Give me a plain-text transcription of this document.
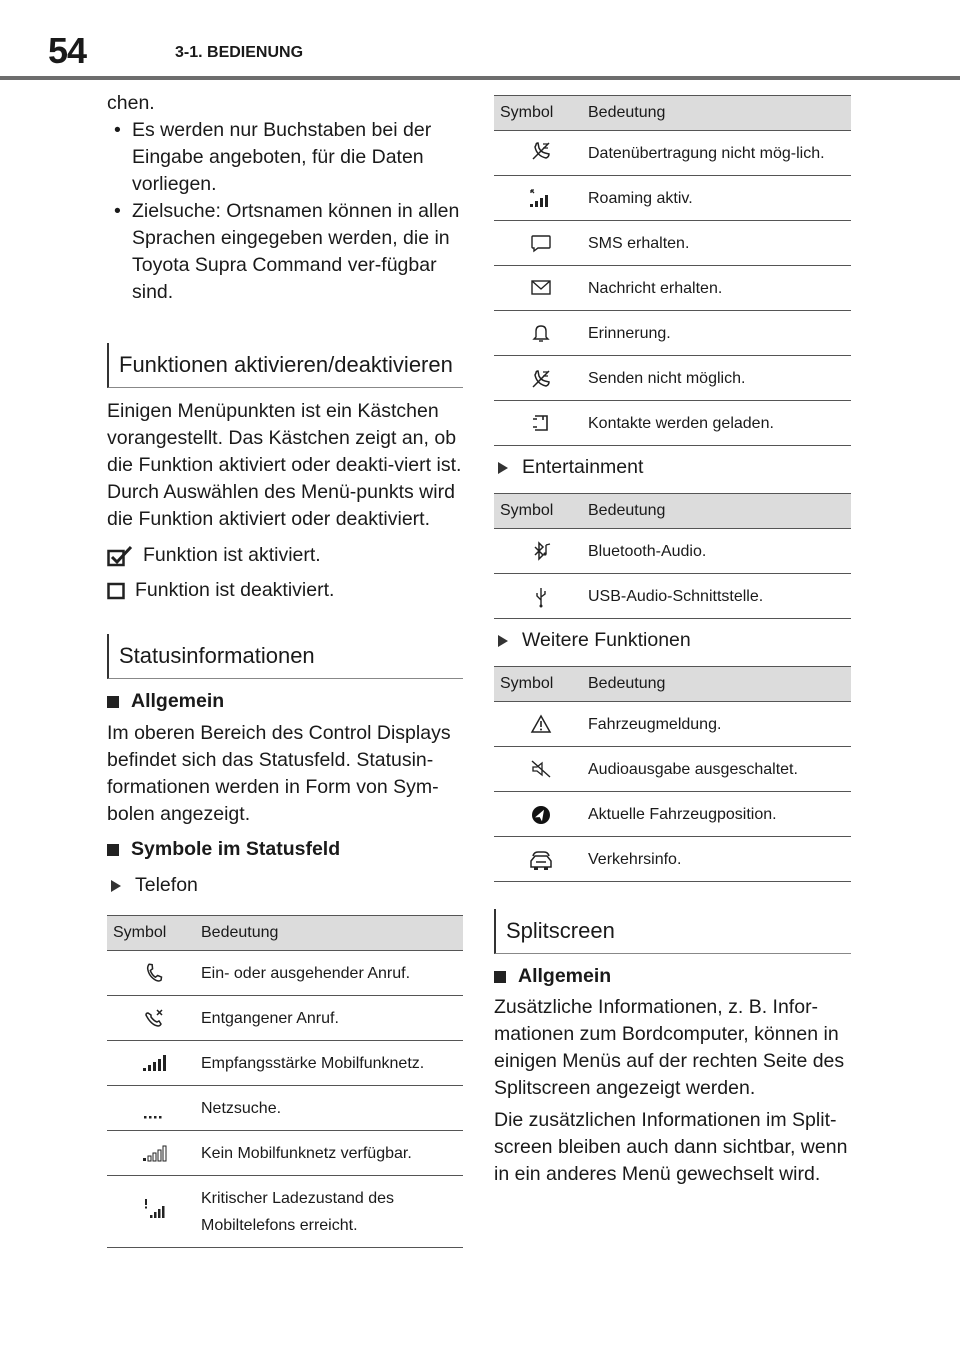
54	3-1. BEDIENUNG

chen.

• Es werden nur Buchstaben bei der Eingabe angeboten, für die Daten vorliegen.
• Zielsuche: Ortsnamen können in allen Sprachen eingegeben werden, die in Toyota Supra Command ver-fügbar sind.
Funktionen aktivieren/deaktivieren

Einigen Menüpunkten ist ein Kästchen vorangestellt. Das Kästchen zeigt an, ob die Funktion aktiviert oder deakti-viert ist. Durch Auswählen des Menü-punkts wird die Funktion aktiviert oder deaktiviert.

Funktion ist aktiviert.
Funktion ist deaktiviert.
Statusinformationen
Allgemein

Im oberen Bereich des Control Displays befindet sich das Statusfeld. Statusin-formationen werden in Form von Sym-bolen angezeigt.

Symbole im Statusfeld
Telefon
Symbol	Bedeutung
	Ein- oder ausgehender Anruf.
	Entgangener Anruf.
	Empfangsstärke Mobilfunknetz.
	Netzsuche.
	Kein Mobilfunknetz verfügbar.
	Kritischer Ladezustand des Mobiltelefons erreicht.
Symbol	Bedeutung
	Datenübertragung nicht mög-lich.
	Roaming aktiv.
	SMS erhalten.
	Nachricht erhalten.
	Erinnerung.
	Senden nicht möglich.
	Kontakte werden geladen.
Entertainment
Symbol	Bedeutung
	Bluetooth-Audio.
	USB-Audio-Schnittstelle.
Weitere Funktionen
Symbol	Bedeutung
	Fahrzeugmeldung.
	Audioausgabe ausgeschaltet.
	Aktuelle Fahrzeugposition.
	Verkehrsinfo.
Splitscreen
Allgemein

Zusätzliche Informationen, z. B. Infor-mationen zum Bordcomputer, können in einigen Menüs auf der rechten Seite des Splitscreen angezeigt werden.

Die zusätzlichen Informationen im Split-screen bleiben auch dann sichtbar, wenn in ein anderes Menü gewechselt wird.
